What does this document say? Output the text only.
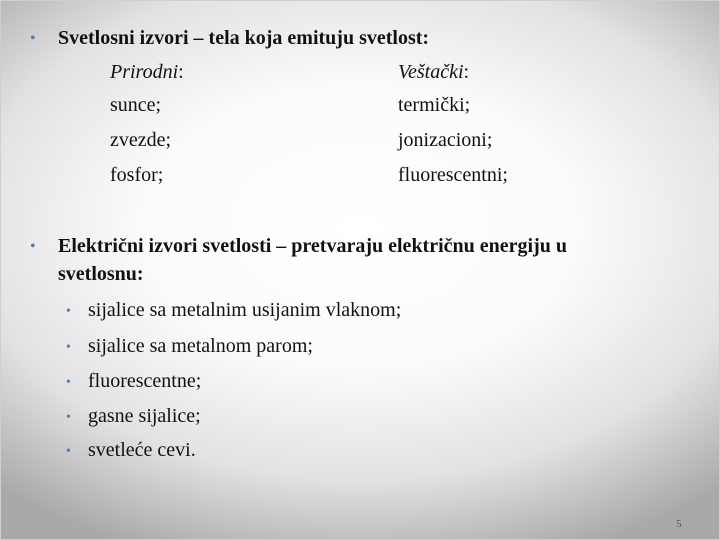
• Svetlosni izvori – tela koja emituju svetlost:
Prirodni:	Veštački:
sunce;
zvezde;
fosfor;
termički;
jonizacioni;
fluorescentni;
• Električni izvori svetlosti – pretvaraju električnu energiju u
svetlosnu:
• sijalice sa metalnim usijanim vlaknom;
• sijalice sa metalnom parom;
• fluorescentne;
• gasne sijalice;
• svetleće cevi.
5
